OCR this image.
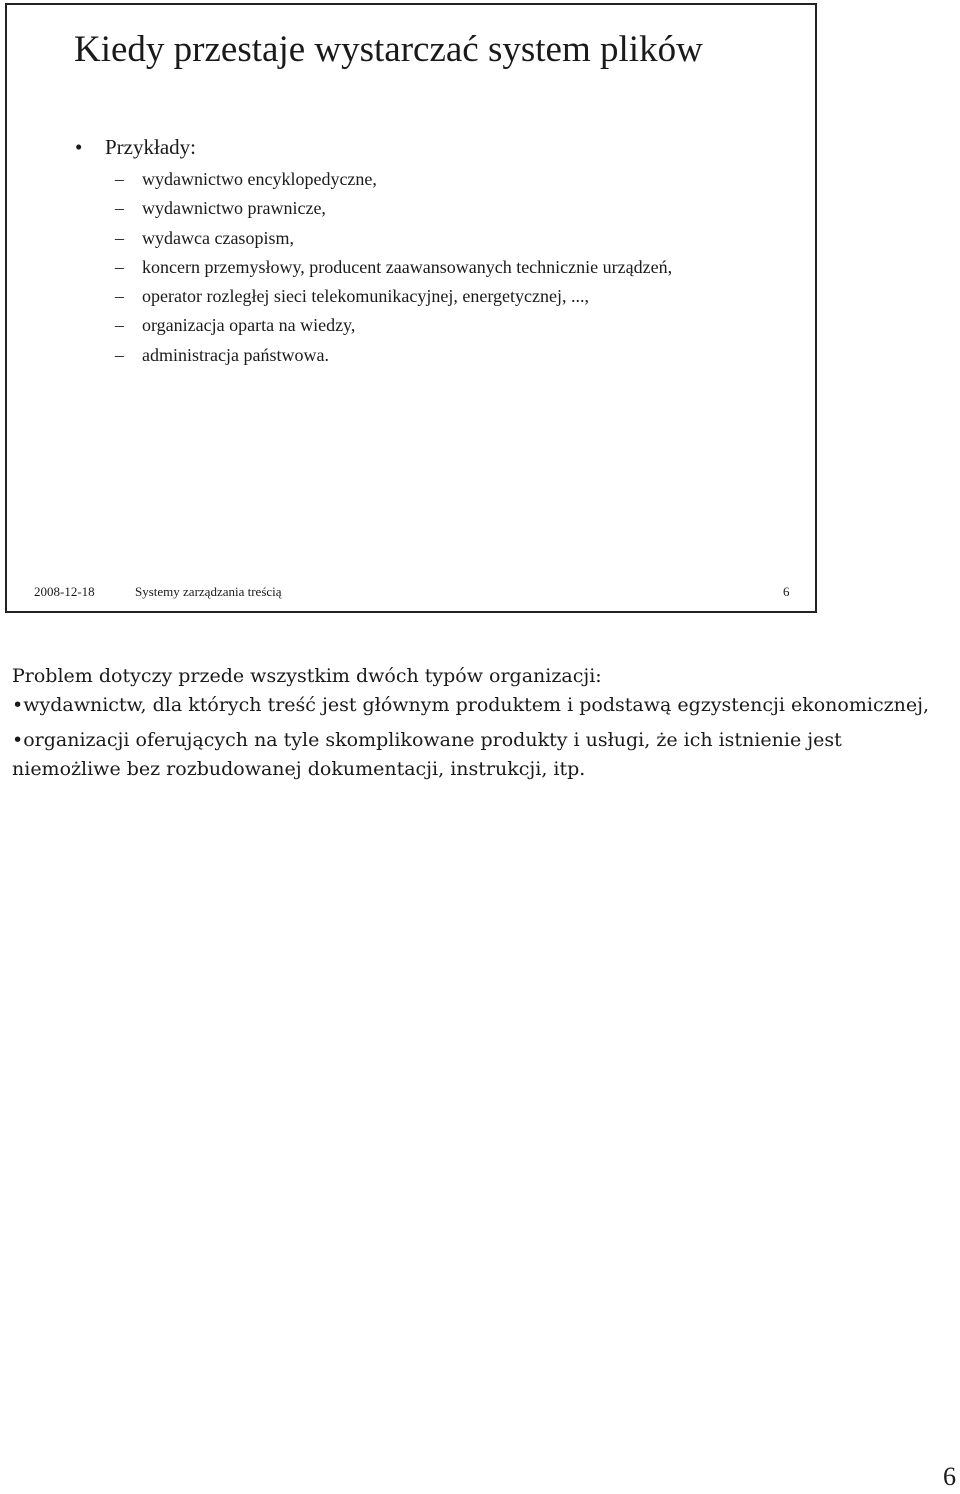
Kiedy przestaje wystarczać system plików
•	Przykłady:
–	wydawnictwo encyklopedyczne,
–	wydawnictwo prawnicze,
–	wydawca czasopism,
–	koncern przemysłowy, producent zaawansowanych technicznie urządzeń,
–	operator rozległej sieci telekomunikacyjnej, energetycznej, ...,
–	organizacja oparta na wiedzy,
–	administracja państwowa.
2008-12-18	Systemy zarządzania treścią	6

Problem dotyczy przede wszystkim dwóch typów organizacji:

•wydawnictw, dla których treść jest głównym produktem i podstawą egzystencji ekonomicznej,

•organizacji oferujących na tyle skomplikowane produkty i usługi, że ich istnienie jest niemożliwe bez rozbudowanej dokumentacji, instrukcji, itp.

6
